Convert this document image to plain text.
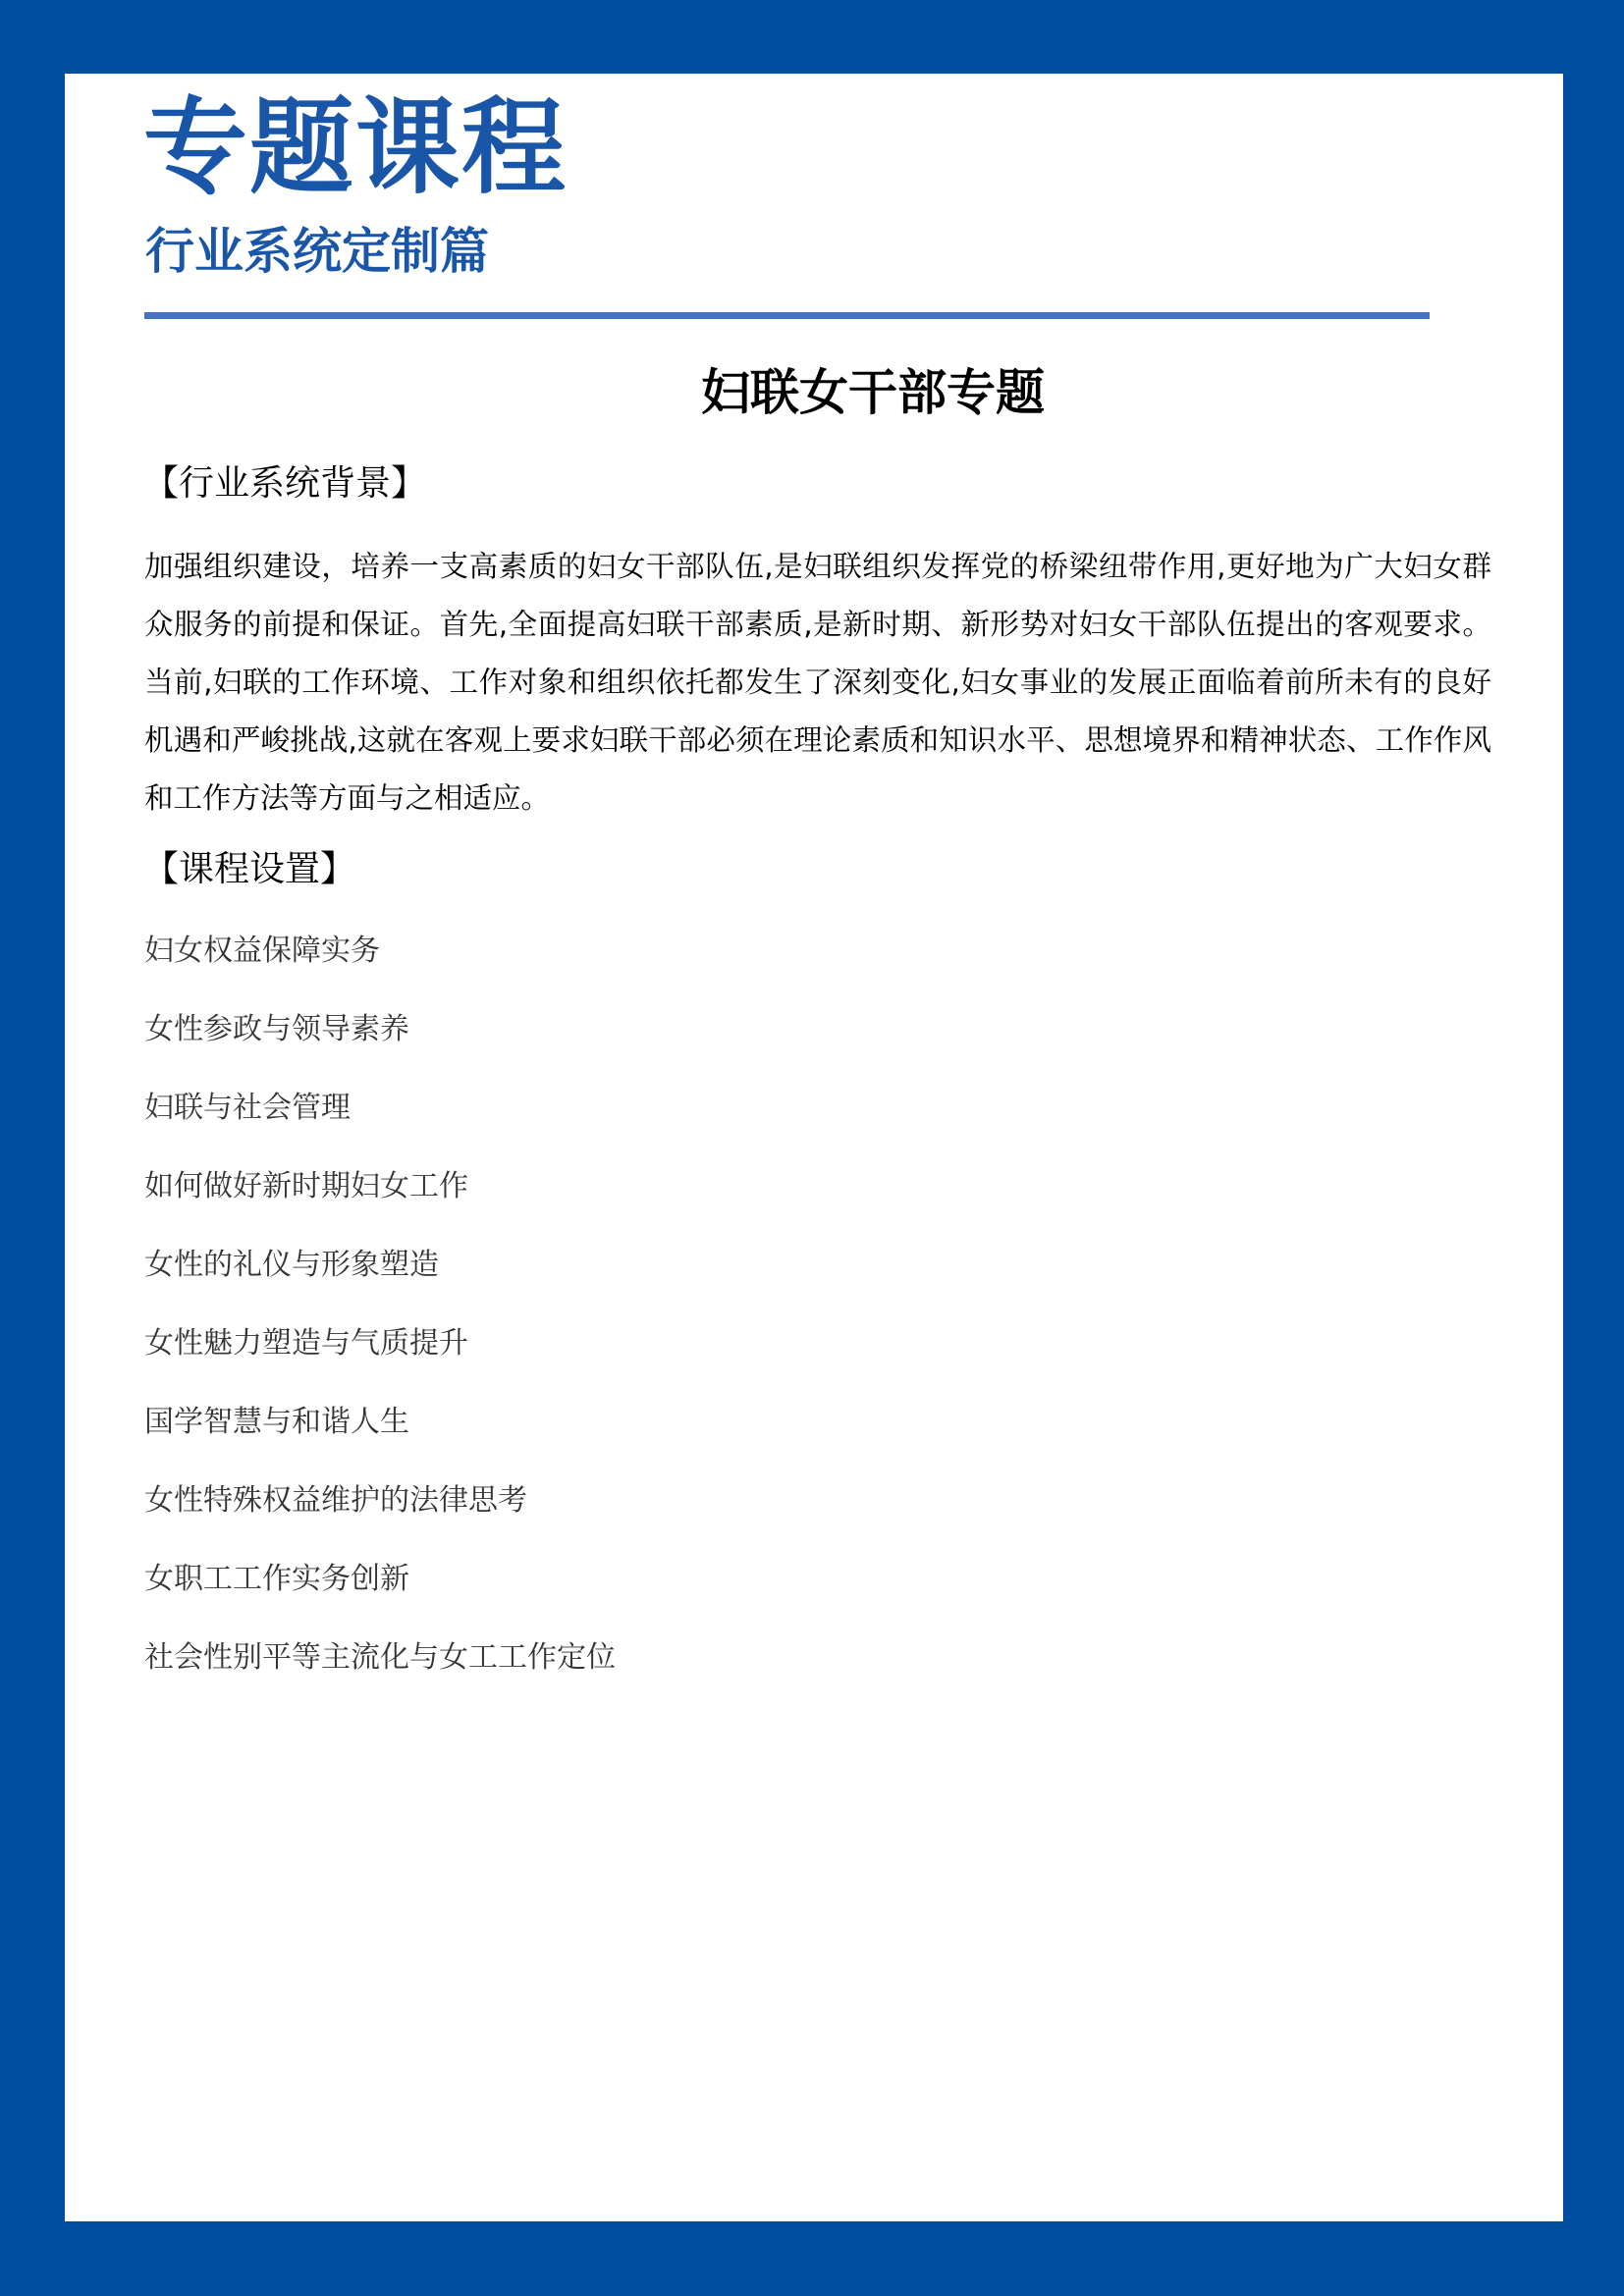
专题课程
行业系统定制篇
妇联女干部专题
【行业系统背景】

加强组织建设，培养一支高素质的妇女干部队伍,是妇联组织发挥党的桥梁纽带作用,更好地为广大妇女群众服务的前提和保证。首先,全面提高妇联干部素质,是新时期、新形势对妇女干部队伍提出的客观要求。当前,妇联的工作环境、工作对象和组织依托都发生了深刻变化,妇女事业的发展正面临着前所未有的良好机遇和严峻挑战,这就在客观上要求妇联干部必须在理论素质和知识水平、思想境界和精神状态、工作作风和工作方法等方面与之相适应。

【课程设置】
妇女权益保障实务
女性参政与领导素养
妇联与社会管理
如何做好新时期妇女工作
女性的礼仪与形象塑造
女性魅力塑造与气质提升
国学智慧与和谐人生
女性特殊权益维护的法律思考
女职工工作实务创新
社会性别平等主流化与女工工作定位
